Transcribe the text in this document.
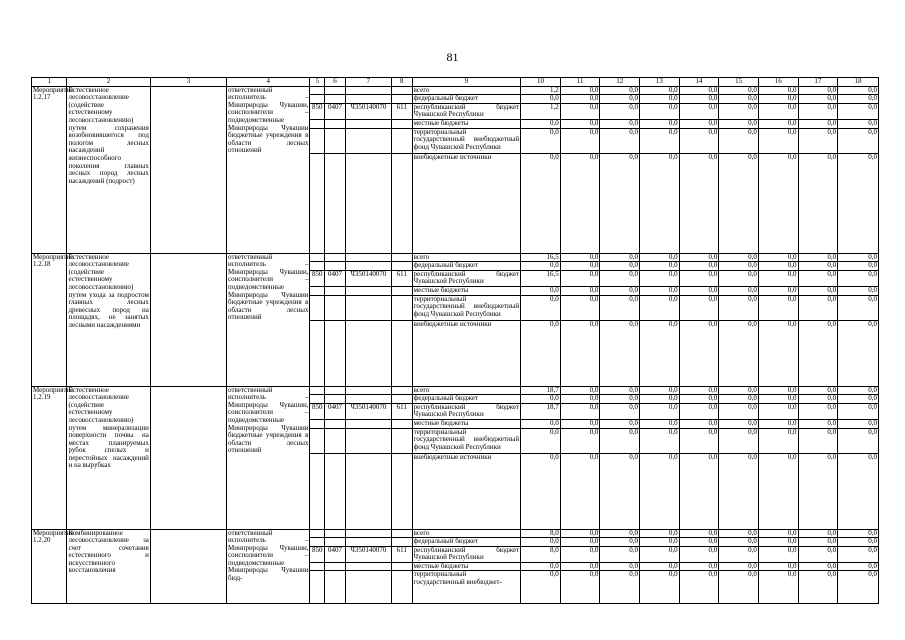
81
1	2	3	4	5	6	7	8	9	10	11	12	13	14	15	16	17	18
Мероприятие 1.2.17	Естественное лесовосстановление (содействие естественному лесовосстановлению) путем сохранения возобновившегося под пологом лесных насаждений жизнеспособного поколения главных лесных пород лесных насаждений (подрост)		ответственный исполнитель – Минприроды Чувашии, соисполнители – подведомственные Минприроды Чувашии бюджетные учреждения в области лесных отношений					всего	1,2	0,0	0,0	0,0	0,0	0,0	0,0	0,0	0,0
								федеральный бюджет	0,0	0,0	0,0	0,0	0,0	0,0	0,0	0,0	0,0
				850	0407	Ч350140070	611	республиканский бюджет Чувашской Республики	1,2	0,0	0,0	0,0	0,0	0,0	0,0	0,0	0,0
								местные бюджеты	0,0	0,0	0,0	0,0	0,0	0,0	0,0	0,0	0,0
								территориальный государственный внебюджетный фонд Чувашской Республики	0,0	0,0	0,0	0,0	0,0	0,0	0,0	0,0	0,0
								внебюджетные источники	0,0	0,0	0,0	0,0	0,0	0,0	0,0	0,0	0,0
Мероприятие 1.2.18	Естественное лесовосстановление (содействие естественному лесовосстановлению) путем ухода за подростом главных лесных древесных пород на площадях, не занятых лесными насаждениями		ответственный исполнитель – Минприроды Чувашии, соисполнители – подведомственные Минприроды Чувашии бюджетные учреждения в области лесных отношений					всего	16,5	0,0	0,0	0,0	0,0	0,0	0,0	0,0	0,0
								федеральный бюджет	0,0	0,0	0,0	0,0	0,0	0,0	0,0	0,0	0,0
				850	0407	Ч350140070	611	республиканский бюджет Чувашской Республики	16,5	0,0	0,0	0,0	0,0	0,0	0,0	0,0	0,0
								местные бюджеты	0,0	0,0	0,0	0,0	0,0	0,0	0,0	0,0	0,0
								территориальный государственный внебюджетный фонд Чувашской Республики	0,0	0,0	0,0	0,0	0,0	0,0	0,0	0,0	0,0
								внебюджетные источники	0,0	0,0	0,0	0,0	0,0	0,0	0,0	0,0	0,0
Мероприятие 1.2.19	Естественное лесовосстановление (содействие естественному лесовосстановлению) путем минерализации поверхности почвы на местах планируемых рубок спелых и перестойных насаждений и на вырубках		ответственный исполнитель – Минприроды Чувашии, соисполнители – подведомственные Минприроды Чувашии бюджетные учреждения в области лесных отношений					всего	18,7	0,0	0,0	0,0	0,0	0,0	0,0	0,0	0,0
								федеральный бюджет	0,0	0,0	0,0	0,0	0,0	0,0	0,0	0,0	0,0
				850	0407	Ч350140070	611	республиканский бюджет Чувашской Республики	18,7	0,0	0,0	0,0	0,0	0,0	0,0	0,0	0,0
								местные бюджеты	0,0	0,0	0,0	0,0	0,0	0,0	0,0	0,0	0,0
								территориальный государственный внебюджетный фонд Чувашской Республики	0,0	0,0	0,0	0,0	0,0	0,0	0,0	0,0	0,0
								внебюджетные источники	0,0	0,0	0,0	0,0	0,0	0,0	0,0	0,0	0,0
Мероприятие 1.2.20	Комбинированное лесовосстановление за счет сочетания естественного и искусственного восстановления		ответственный исполнитель – Минприроды Чувашии, соисполнители – подведомственные Минприроды Чувашии бюд-					всего	8,0	0,0	0,0	0,0	0,0	0,0	0,0	0,0	0,0
								федеральный бюджет	0,0	0,0	0,0	0,0	0,0	0,0	0,0	0,0	0,0
				850	0407	Ч350140070	611	республиканский бюджет Чувашской Республики	8,0	0,0	0,0	0,0	0,0	0,0	0,0	0,0	0,0
								местные бюджеты	0,0	0,0	0,0	0,0	0,0	0,0	0,0	0,0	0,0
								территориальный государственный внебюджет-	0,0	0,0	0,0	0,0	0,0	0,0	0,0	0,0	0,0
